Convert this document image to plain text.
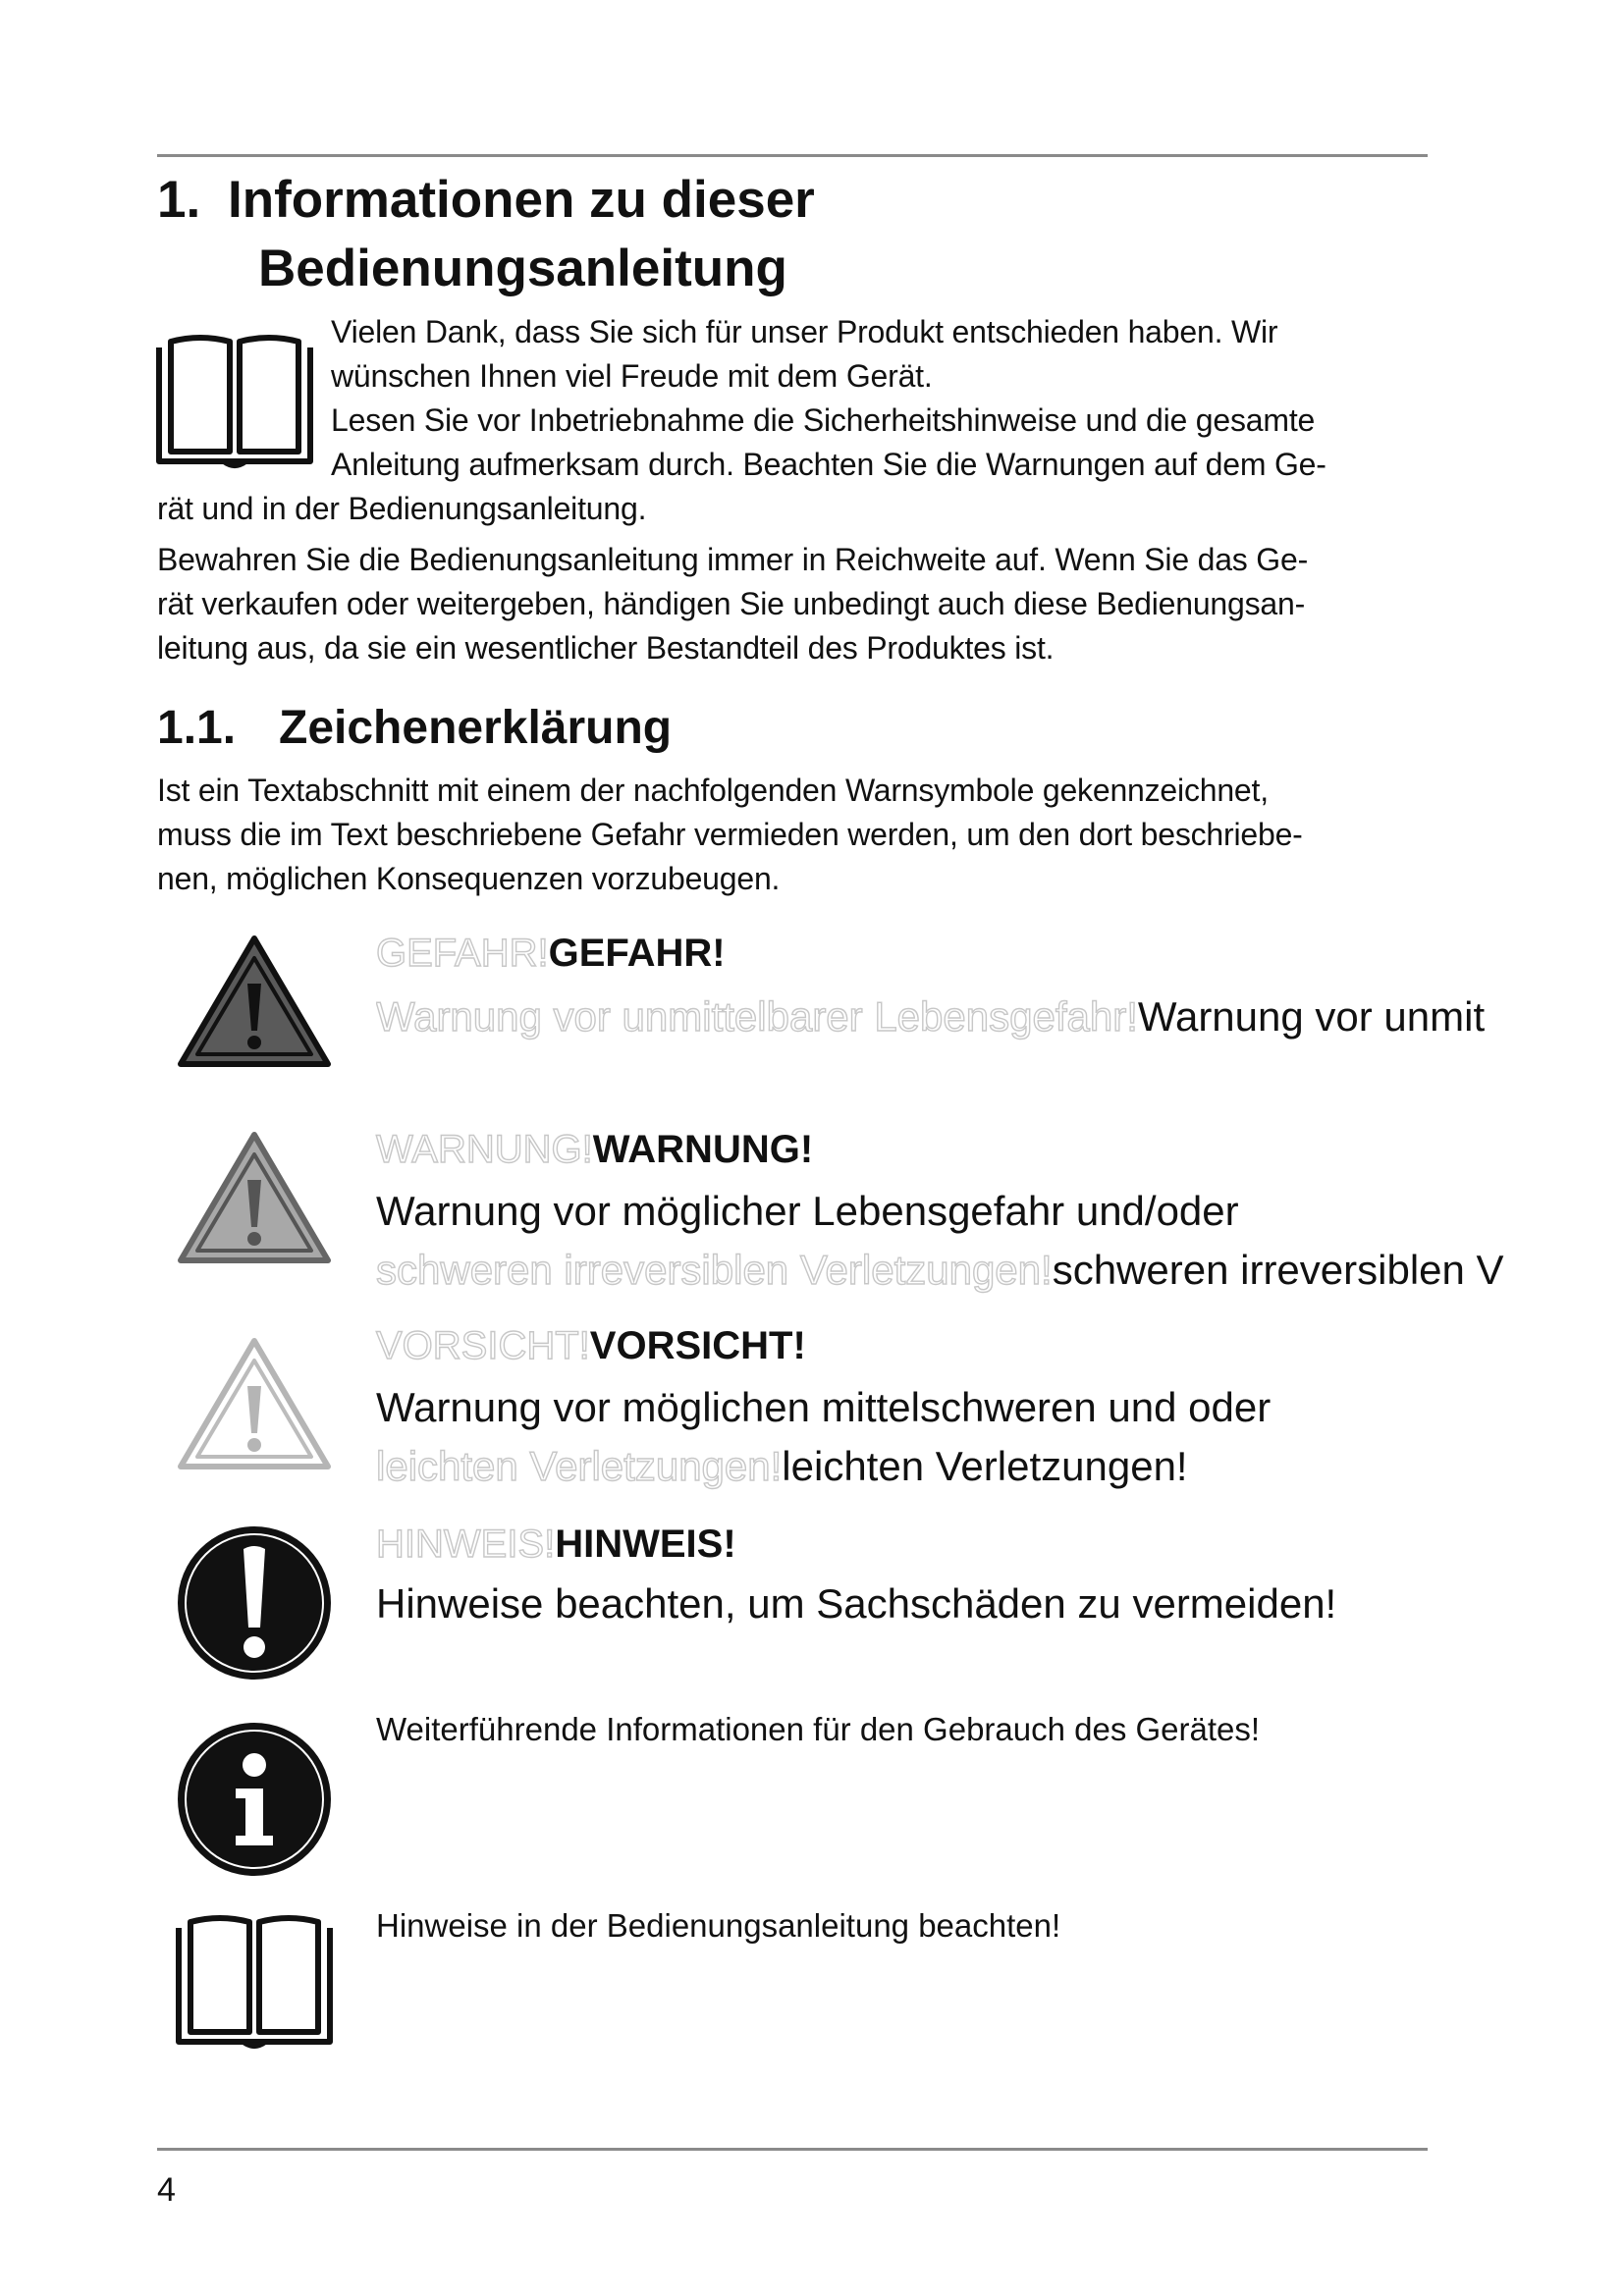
1. Informationen zu dieser
Bedienungsanleitung
Vielen Dank, dass Sie sich für unser Produkt entschieden haben. Wir
wünschen Ihnen viel Freude mit dem Gerät.
Lesen Sie vor Inbetriebnahme die Sicherheitshinweise und die gesamte
Anleitung aufmerksam durch. Beachten Sie die Warnungen auf dem Ge-
rät und in der Bedienungsanleitung.
Bewahren Sie die Bedienungsanleitung immer in Reichweite auf. Wenn Sie das Ge-
rät verkaufen oder weitergeben, händigen Sie unbedingt auch diese Bedienungsan-
leitung aus, da sie ein wesentlicher Bestandteil des Produktes ist.
1.1. Zeichenerklärung
Ist ein Textabschnitt mit einem der nachfolgenden Warnsymbole gekennzeichnet,
muss die im Text beschriebene Gefahr vermieden werden, um den dort beschriebe-
nen, möglichen Konsequenzen vorzubeugen.
GEFAHR!GEFAHR!
Warnung vor unmittelbarer Lebensgefahr!Warnung vor unmit
WARNUNG!WARNUNG!
Warnung vor möglicher Lebensgefahr und/oder
schweren irreversiblen Verletzungen!schweren irreversiblen V
VORSICHT!VORSICHT!
Warnung vor möglichen mittelschweren und oder
leichten Verletzungen!leichten Verletzungen!
HINWEIS!HINWEIS!
Hinweise beachten, um Sachschäden zu vermeiden!
Weiterführende Informationen für den Gebrauch des Gerätes!
Hinweise in der Bedienungsanleitung beachten!
4
